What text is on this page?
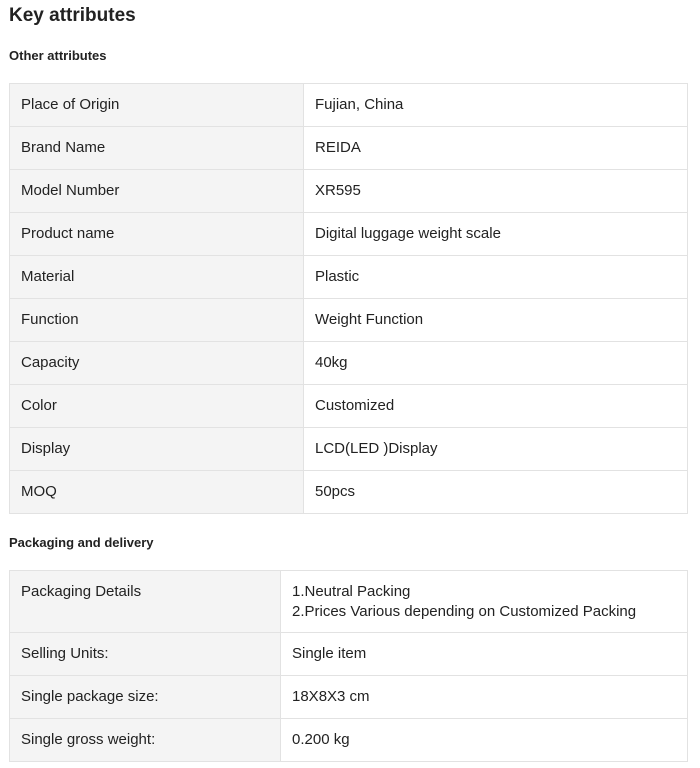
Key attributes
Other attributes
Place of Origin	Fujian, China
Brand Name	REIDA
Model Number	XR595
Product name	Digital luggage weight scale
Material	Plastic
Function	Weight Function
Capacity	40kg
Color	Customized
Display	LCD(LED )Display
MOQ	50pcs
Packaging and delivery
Packaging Details	1.Neutral Packing
2.Prices Various depending on Customized Packing

Selling Units:	Single item
Single package size:	18X8X3 cm
Single gross weight:	0.200 kg
